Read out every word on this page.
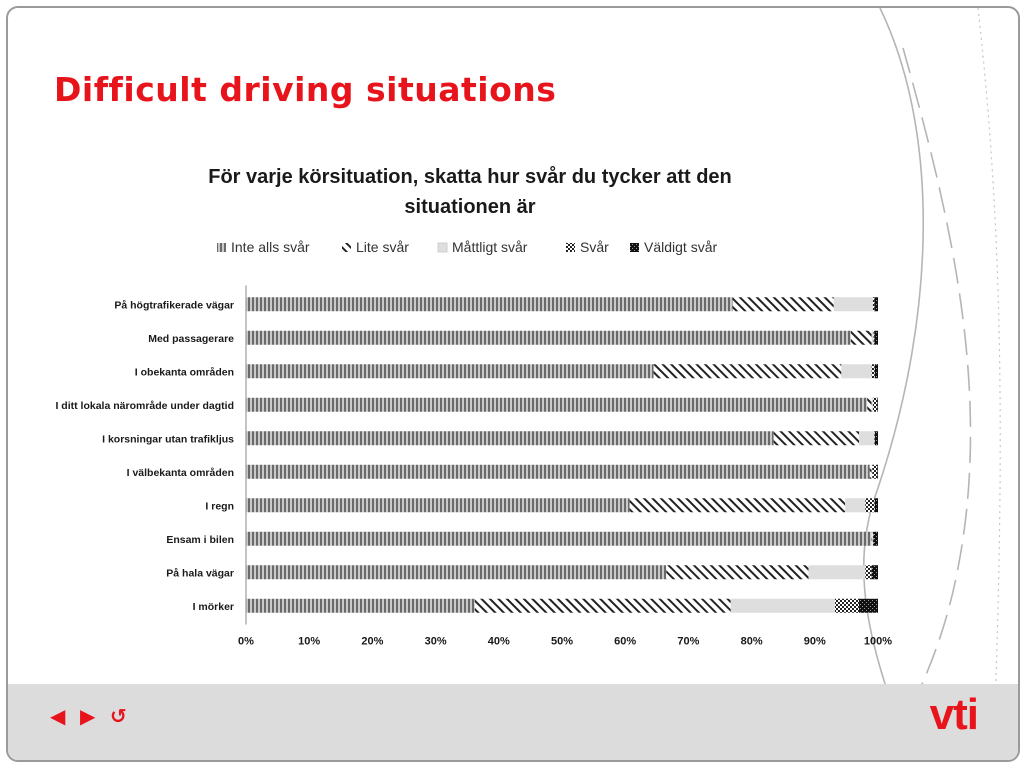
Difficult driving situations
◀ ▶ ↺	vti
För varje körsituation, skatta hur svår du tycker att den
situationen är
Inte alls svår	Lite svår	Måttligt svår	Svår	Väldigt svår
På högtrafikerade vägar
Med passagerare
I obekanta områden
I ditt lokala närområde under dagtid
I korsningar utan trafikljus
I välbekanta områden
I regn
Ensam i bilen
På hala vägar
I mörker
0%	10%	20%	30%	40%	50%	60%	70%	80%	90%	100%
